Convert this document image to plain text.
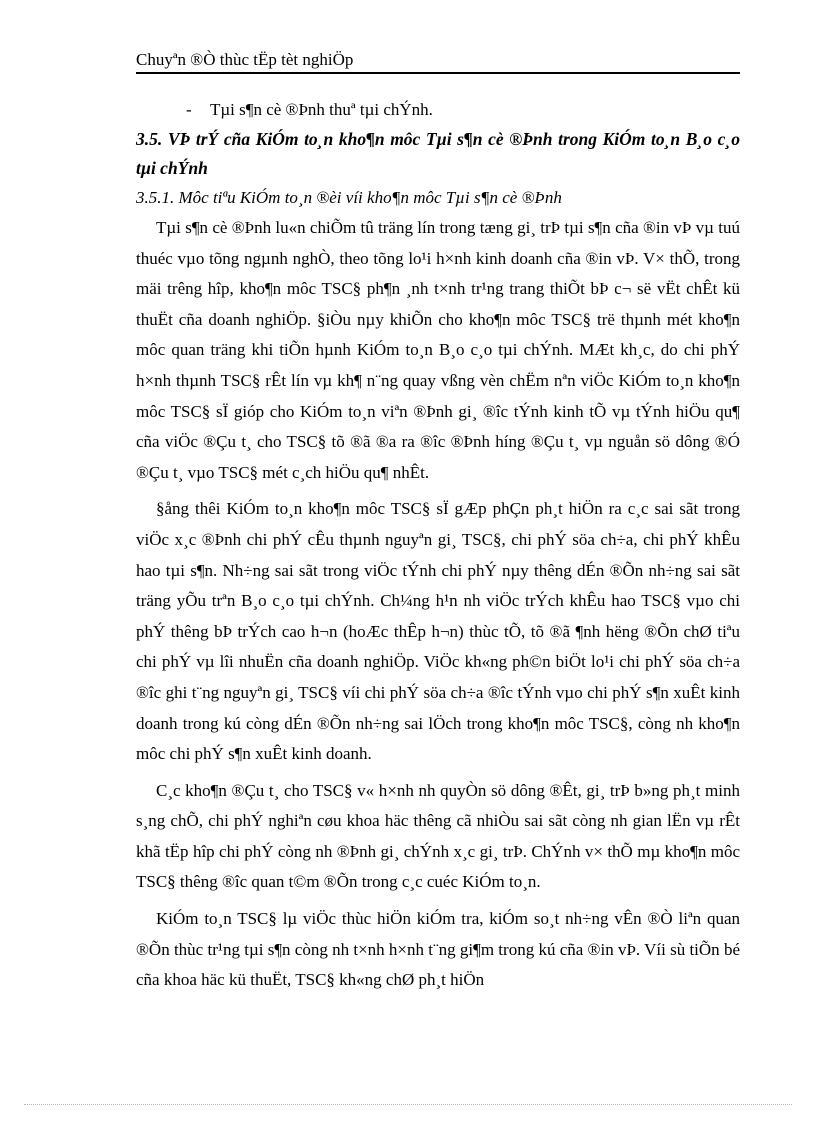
Chuyªn ®Ò thùc tËp tèt nghiÖp
- Tµi s¶n cè ®Þnh thuª tµi chÝnh.

3.5. VÞ trÝ cña KiÓm to¸n kho¶n môc Tµi s¶n cè ®Þnh trong KiÓm to¸n B¸o c¸o tµi chÝnh

3.5.1. Môc tiªu KiÓm to¸n ®èi víi kho¶n môc Tµi s¶n cè ®Þnh

Tµi s¶n cè ®Þnh lu«n chiÕm tû träng lín trong tæng gi¸ trÞ tµi s¶n cña ®in vÞ vµ tuú thuéc vµo tõng ngµnh nghÒ, theo tõng lo¹i h×nh kinh doanh cña ®in vÞ. V× thÕ, trong mäi trêng hîp, kho¶n môc TSC§ ph¶n ¸nh t×nh tr¹ng trang thiÕt bÞ c¬ së vËt chÊt kü thuËt cña doanh nghiÖp. §iÒu nµy khiÕn cho kho¶n môc TSC§ trë thµnh mét kho¶n môc quan träng khi tiÕn hµnh KiÓm to¸n B¸o c¸o tµi chÝnh. MÆt kh¸c, do chi phÝ h×nh thµnh TSC§ rÊt lín vµ kh¶ n¨ng quay vßng vèn chËm nªn viÖc KiÓm to¸n kho¶n môc TSC§ sÏ gióp cho KiÓm to¸n viªn ®Þnh gi¸ ®îc tÝnh kinh tÕ vµ tÝnh hiÖu qu¶ cña viÖc ®Çu t¸ cho TSC§ tõ ®ã ®a ra ®îc ®Þnh híng ®Çu t¸ vµ nguån sö dông ®Ó ®Çu t¸ vµo TSC§ mét c¸ch hiÖu qu¶ nhÊt.

§ång thêi KiÓm to¸n kho¶n môc TSC§ sÏ gÆp phÇn ph¸t hiÖn ra c¸c sai sãt trong viÖc x¸c ®Þnh chi phÝ cÊu thµnh nguyªn gi¸ TSC§, chi phÝ söa ch÷a, chi phÝ khÊu hao tµi s¶n. Nh÷ng sai sãt trong viÖc tÝnh chi phÝ nµy thêng dÉn ®Õn nh÷ng sai sãt träng yÕu trªn B¸o c¸o tµi chÝnh. Ch¼ng h¹n nh viÖc trÝch khÊu hao TSC§ vµo chi phÝ thêng bÞ trÝch cao h¬n (hoÆc thÊp h¬n) thùc tÕ, tõ ®ã ¶nh hëng ®Õn chØ tiªu chi phÝ vµ lîi nhuËn cña doanh nghiÖp. ViÖc kh«ng ph©n biÖt lo¹i chi phÝ söa ch÷a ®îc ghi t¨ng nguyªn gi¸ TSC§ víi chi phÝ söa ch÷a ®îc tÝnh vµo chi phÝ s¶n xuÊt kinh doanh trong kú còng dÉn ®Õn nh÷ng sai lÖch trong kho¶n môc TSC§, còng nh kho¶n môc chi phÝ s¶n xuÊt kinh doanh.

C¸c kho¶n ®Çu t¸ cho TSC§ v« h×nh nh quyÒn sö dông ®Êt, gi¸ trÞ b»ng ph¸t minh s¸ng chÕ, chi phÝ nghiªn cøu khoa häc thêng cã nhiÒu sai sãt còng nh gian lËn vµ rÊt khã tËp hîp chi phÝ còng nh ®Þnh gi¸ chÝnh x¸c gi¸ trÞ. ChÝnh v× thÕ mµ kho¶n môc TSC§ thêng ®îc quan t©m ®Õn trong c¸c cuéc KiÓm to¸n.

KiÓm to¸n TSC§ lµ viÖc thùc hiÖn kiÓm tra, kiÓm so¸t nh÷ng vÊn ®Ò liªn quan ®Õn thùc tr¹ng tµi s¶n còng nh t×nh h×nh t¨ng gi¶m trong kú cña ®in vÞ. Víi sù tiÕn bé cña khoa häc kü thuËt, TSC§ kh«ng chØ ph¸t hiÖn
